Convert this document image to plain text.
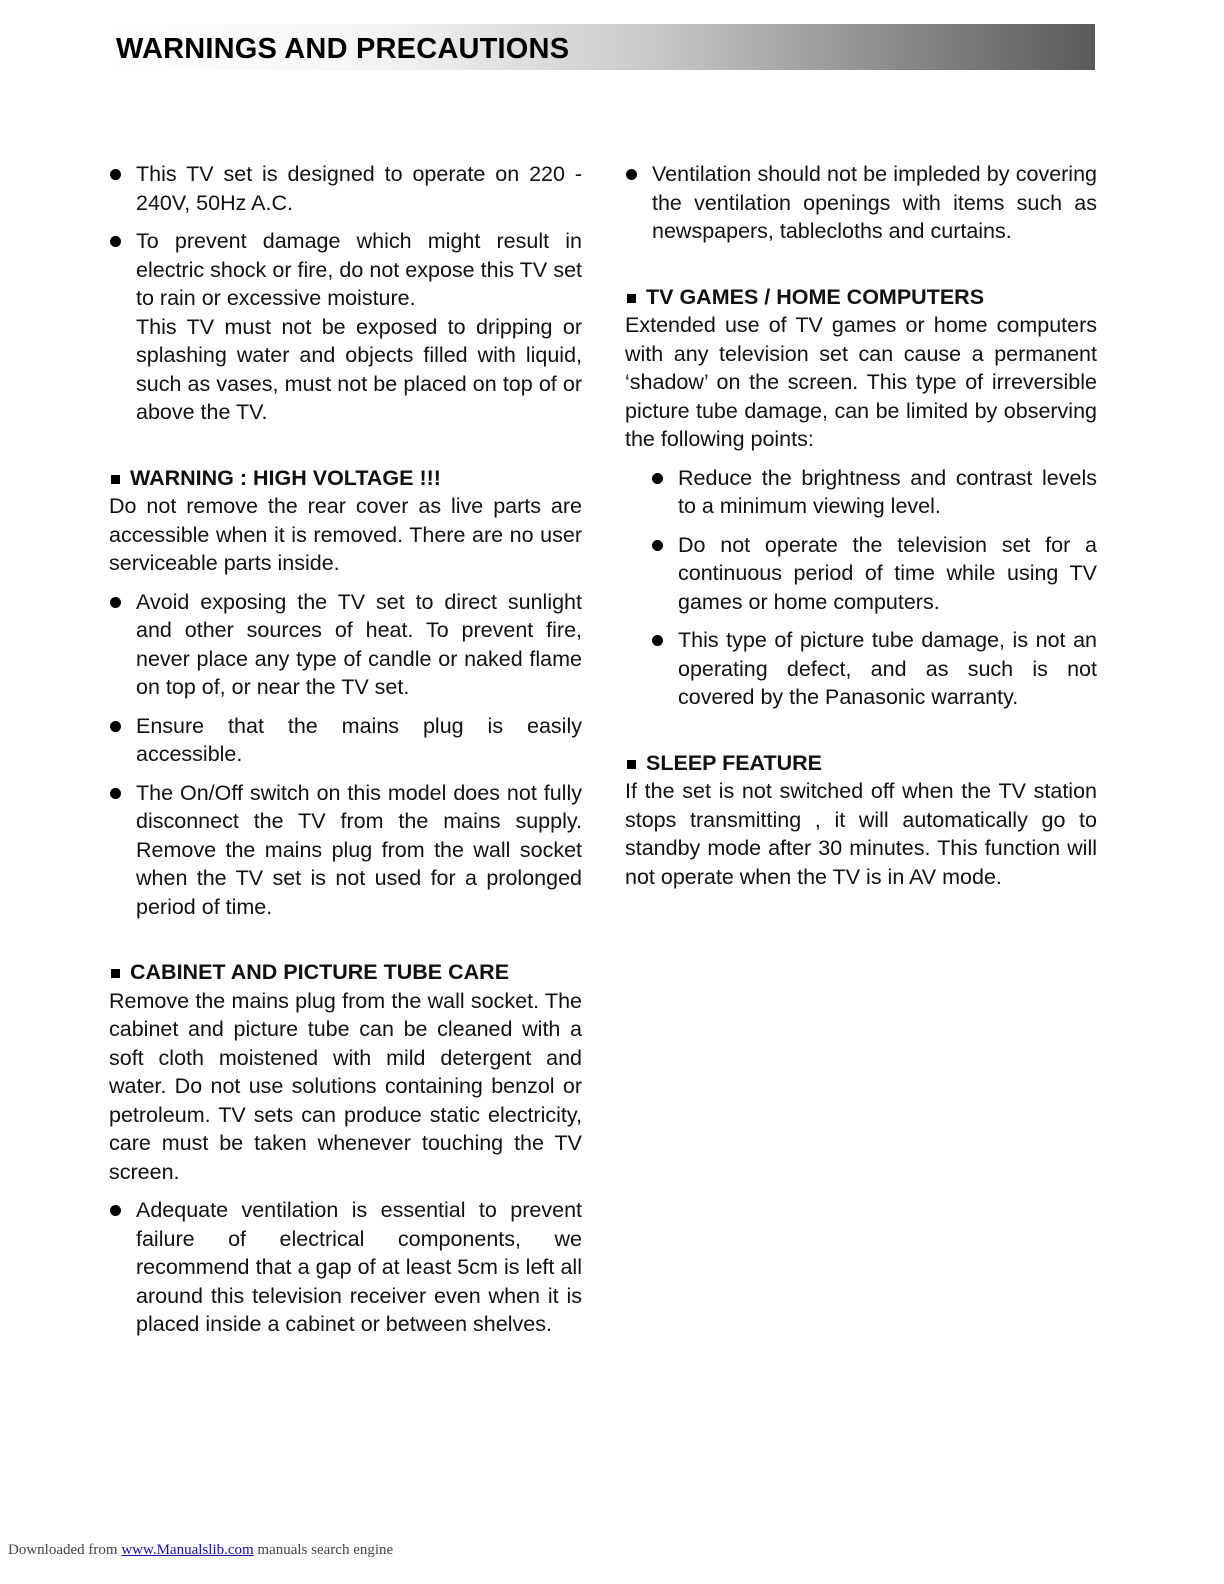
WARNINGS AND PRECAUTIONS

This TV set is designed to operate on 220 - 240V, 50Hz A.C.

To prevent damage which might result in electric shock or fire, do not expose this TV set to rain or excessive moisture.

This TV must not be exposed to dripping or splashing water and objects filled with liquid, such as vases, must not be placed on top of or above the TV.

WARNING : HIGH VOLTAGE !!!

Do not remove the rear cover as live parts are accessible when it is removed. There are no user serviceable parts inside.

Avoid exposing the TV set to direct sunlight and other sources of heat. To prevent fire, never place any type of candle or naked flame on top of, or near the TV set.

Ensure that the mains plug is easily accessible.

The On/Off switch on this model does not fully disconnect the TV from the mains supply. Remove the mains plug from the wall socket when the TV set is not used for a prolonged period of time.

CABINET AND PICTURE TUBE CARE

Remove the mains plug from the wall socket. The cabinet and picture tube can be cleaned with a soft cloth moistened with mild detergent and water. Do not use solutions containing benzol or petroleum. TV sets can produce static electricity, care must be taken whenever touching the TV screen.

Adequate ventilation is essential to prevent failure of electrical components, we recommend that a gap of at least 5cm is left all around this television receiver even when it is placed inside a cabinet or between shelves.

Ventilation should not be impleded by covering the ventilation openings with items such as newspapers, tablecloths and curtains.

TV GAMES / HOME COMPUTERS

Extended use of TV games or home computers with any television set can cause a permanent ‘shadow’ on the screen. This type of irreversible picture tube damage, can be limited by observing the following points:

Reduce the brightness and contrast levels to a minimum viewing level.

Do not operate the television set for a continuous period of time while using TV games or home computers.

This type of picture tube damage, is not an operating defect, and as such is not covered by the Panasonic warranty.

SLEEP FEATURE

If the set is not switched off when the TV station stops transmitting , it will automatically go to standby mode after 30 minutes. This function will not operate when the TV is in AV mode.

Downloaded from www.Manualslib.com manuals search engine
